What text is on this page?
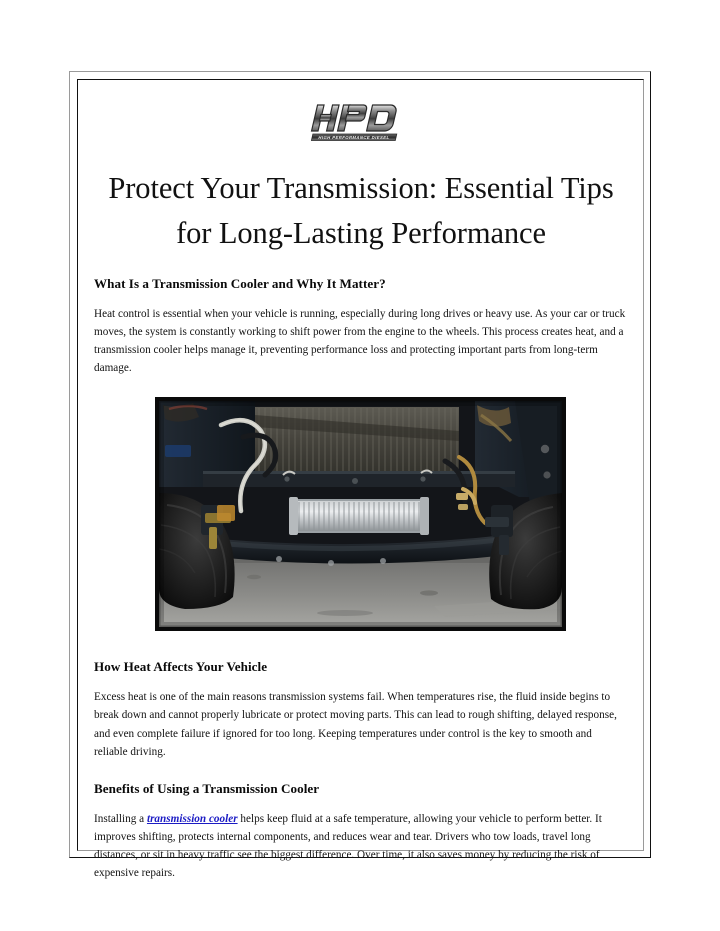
HIGH PERFORMANCE DIESEL
Protect Your Transmission: Essential Tips for Long-Lasting Performance
What Is a Transmission Cooler and Why It Matter?

Heat control is essential when your vehicle is running, especially during long drives or heavy use. As your car or truck moves, the system is constantly working to shift power from the engine to the wheels. This process creates heat, and a transmission cooler helps manage it, preventing performance loss and protecting important parts from long-term damage.

How Heat Affects Your Vehicle

Excess heat is one of the main reasons transmission systems fail. When temperatures rise, the fluid inside begins to break down and cannot properly lubricate or protect moving parts. This can lead to rough shifting, delayed response, and even complete failure if ignored for too long. Keeping temperatures under control is the key to smooth and reliable driving.

Benefits of Using a Transmission Cooler

Installing a transmission cooler helps keep fluid at a safe temperature, allowing your vehicle to perform better. It improves shifting, protects internal components, and reduces wear and tear. Drivers who tow loads, travel long distances, or sit in heavy traffic see the biggest difference. Over time, it also saves money by reducing the risk of expensive repairs.
